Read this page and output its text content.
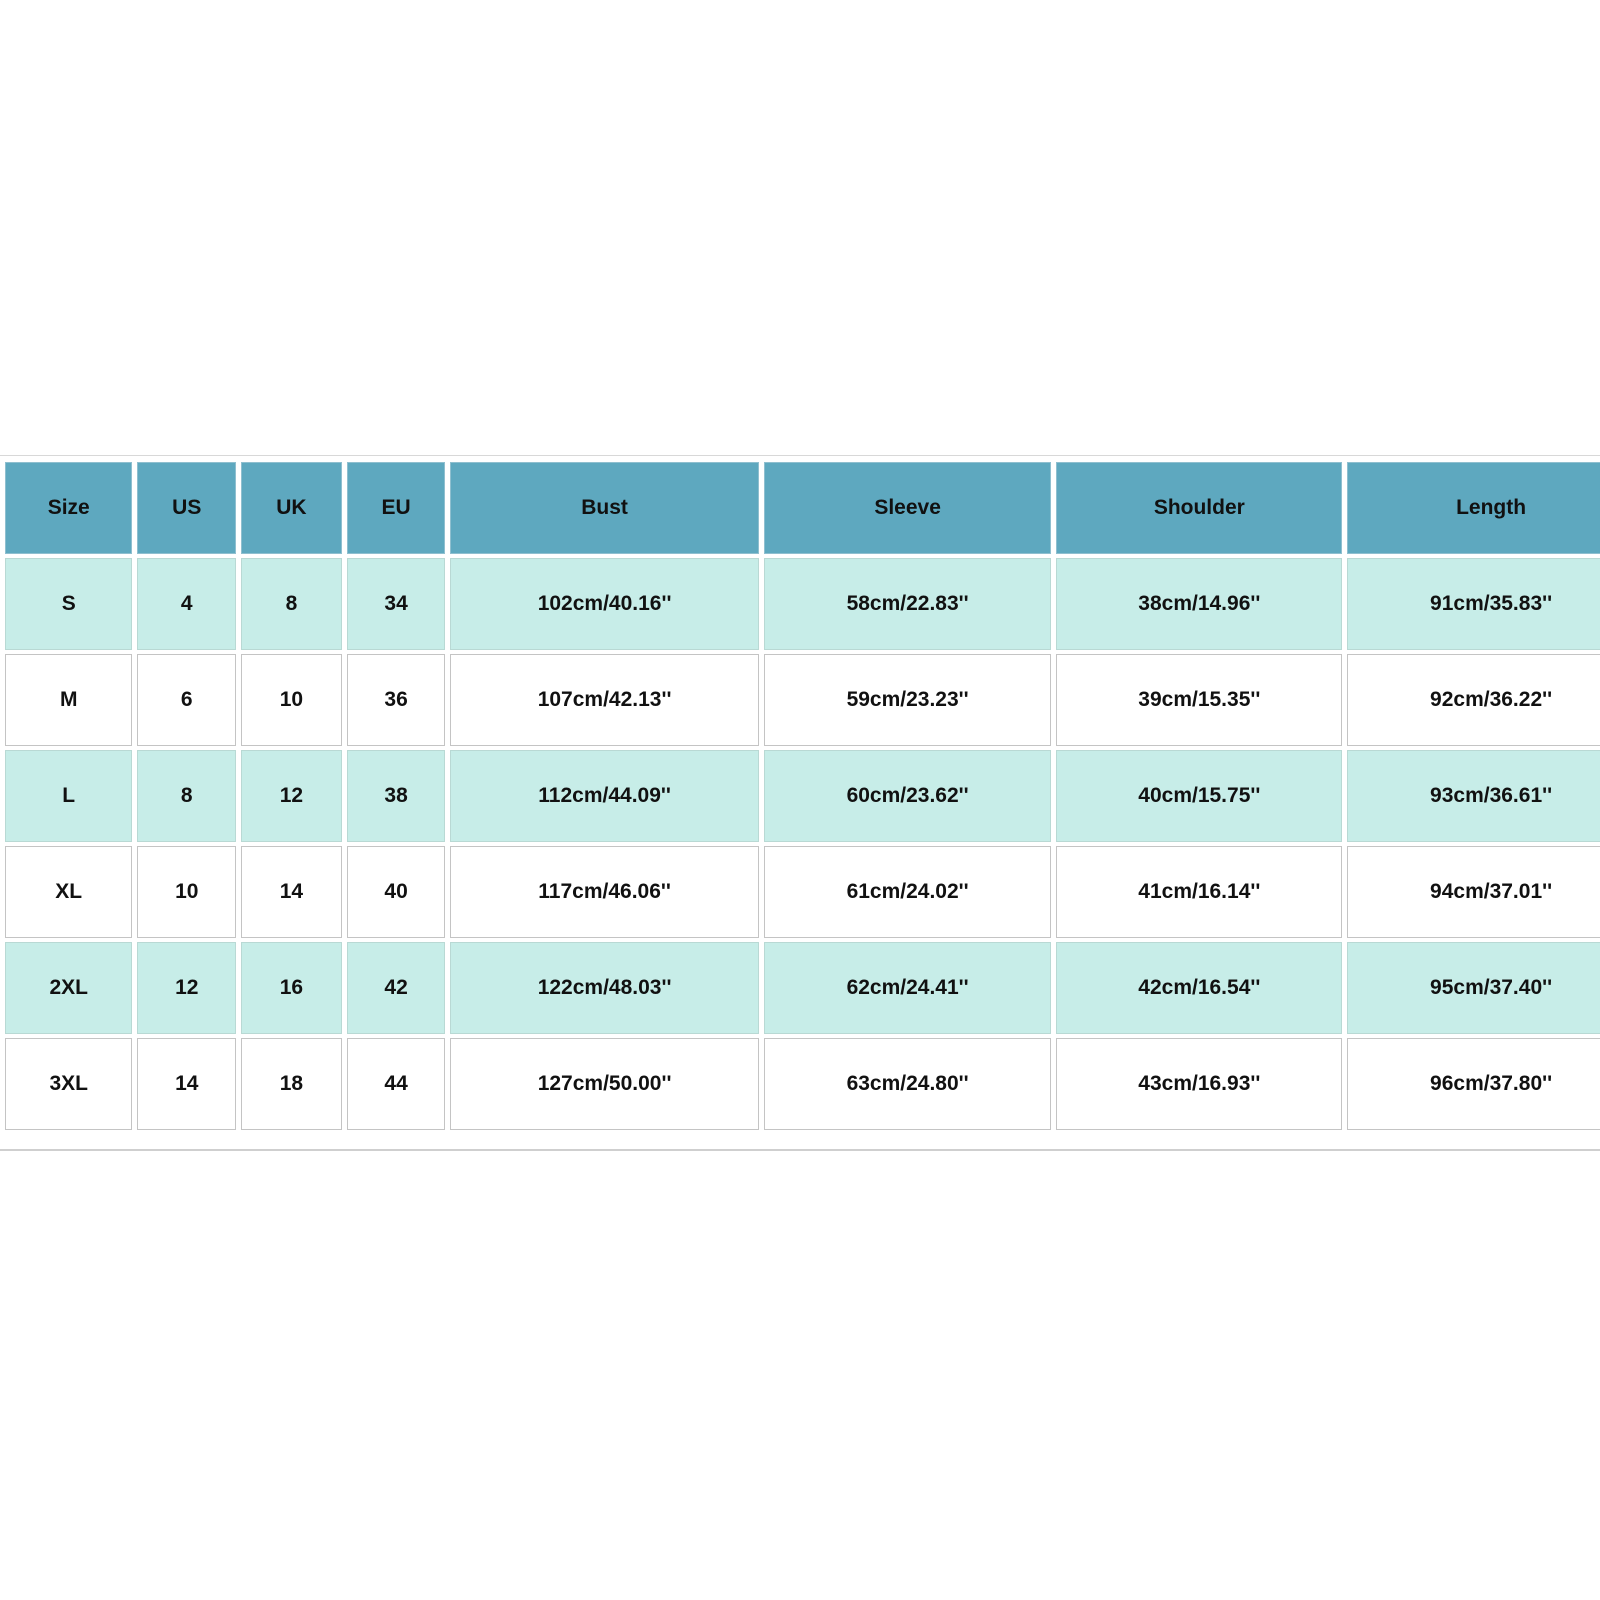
Size	US	UK	EU	Bust	Sleeve	Shoulder	Length
S	4	8	34	102cm/40.16''	58cm/22.83''	38cm/14.96''	91cm/35.83''
M	6	10	36	107cm/42.13''	59cm/23.23''	39cm/15.35''	92cm/36.22''
L	8	12	38	112cm/44.09''	60cm/23.62''	40cm/15.75''	93cm/36.61''
XL	10	14	40	117cm/46.06''	61cm/24.02''	41cm/16.14''	94cm/37.01''
2XL	12	16	42	122cm/48.03''	62cm/24.41''	42cm/16.54''	95cm/37.40''
3XL	14	18	44	127cm/50.00''	63cm/24.80''	43cm/16.93''	96cm/37.80''
